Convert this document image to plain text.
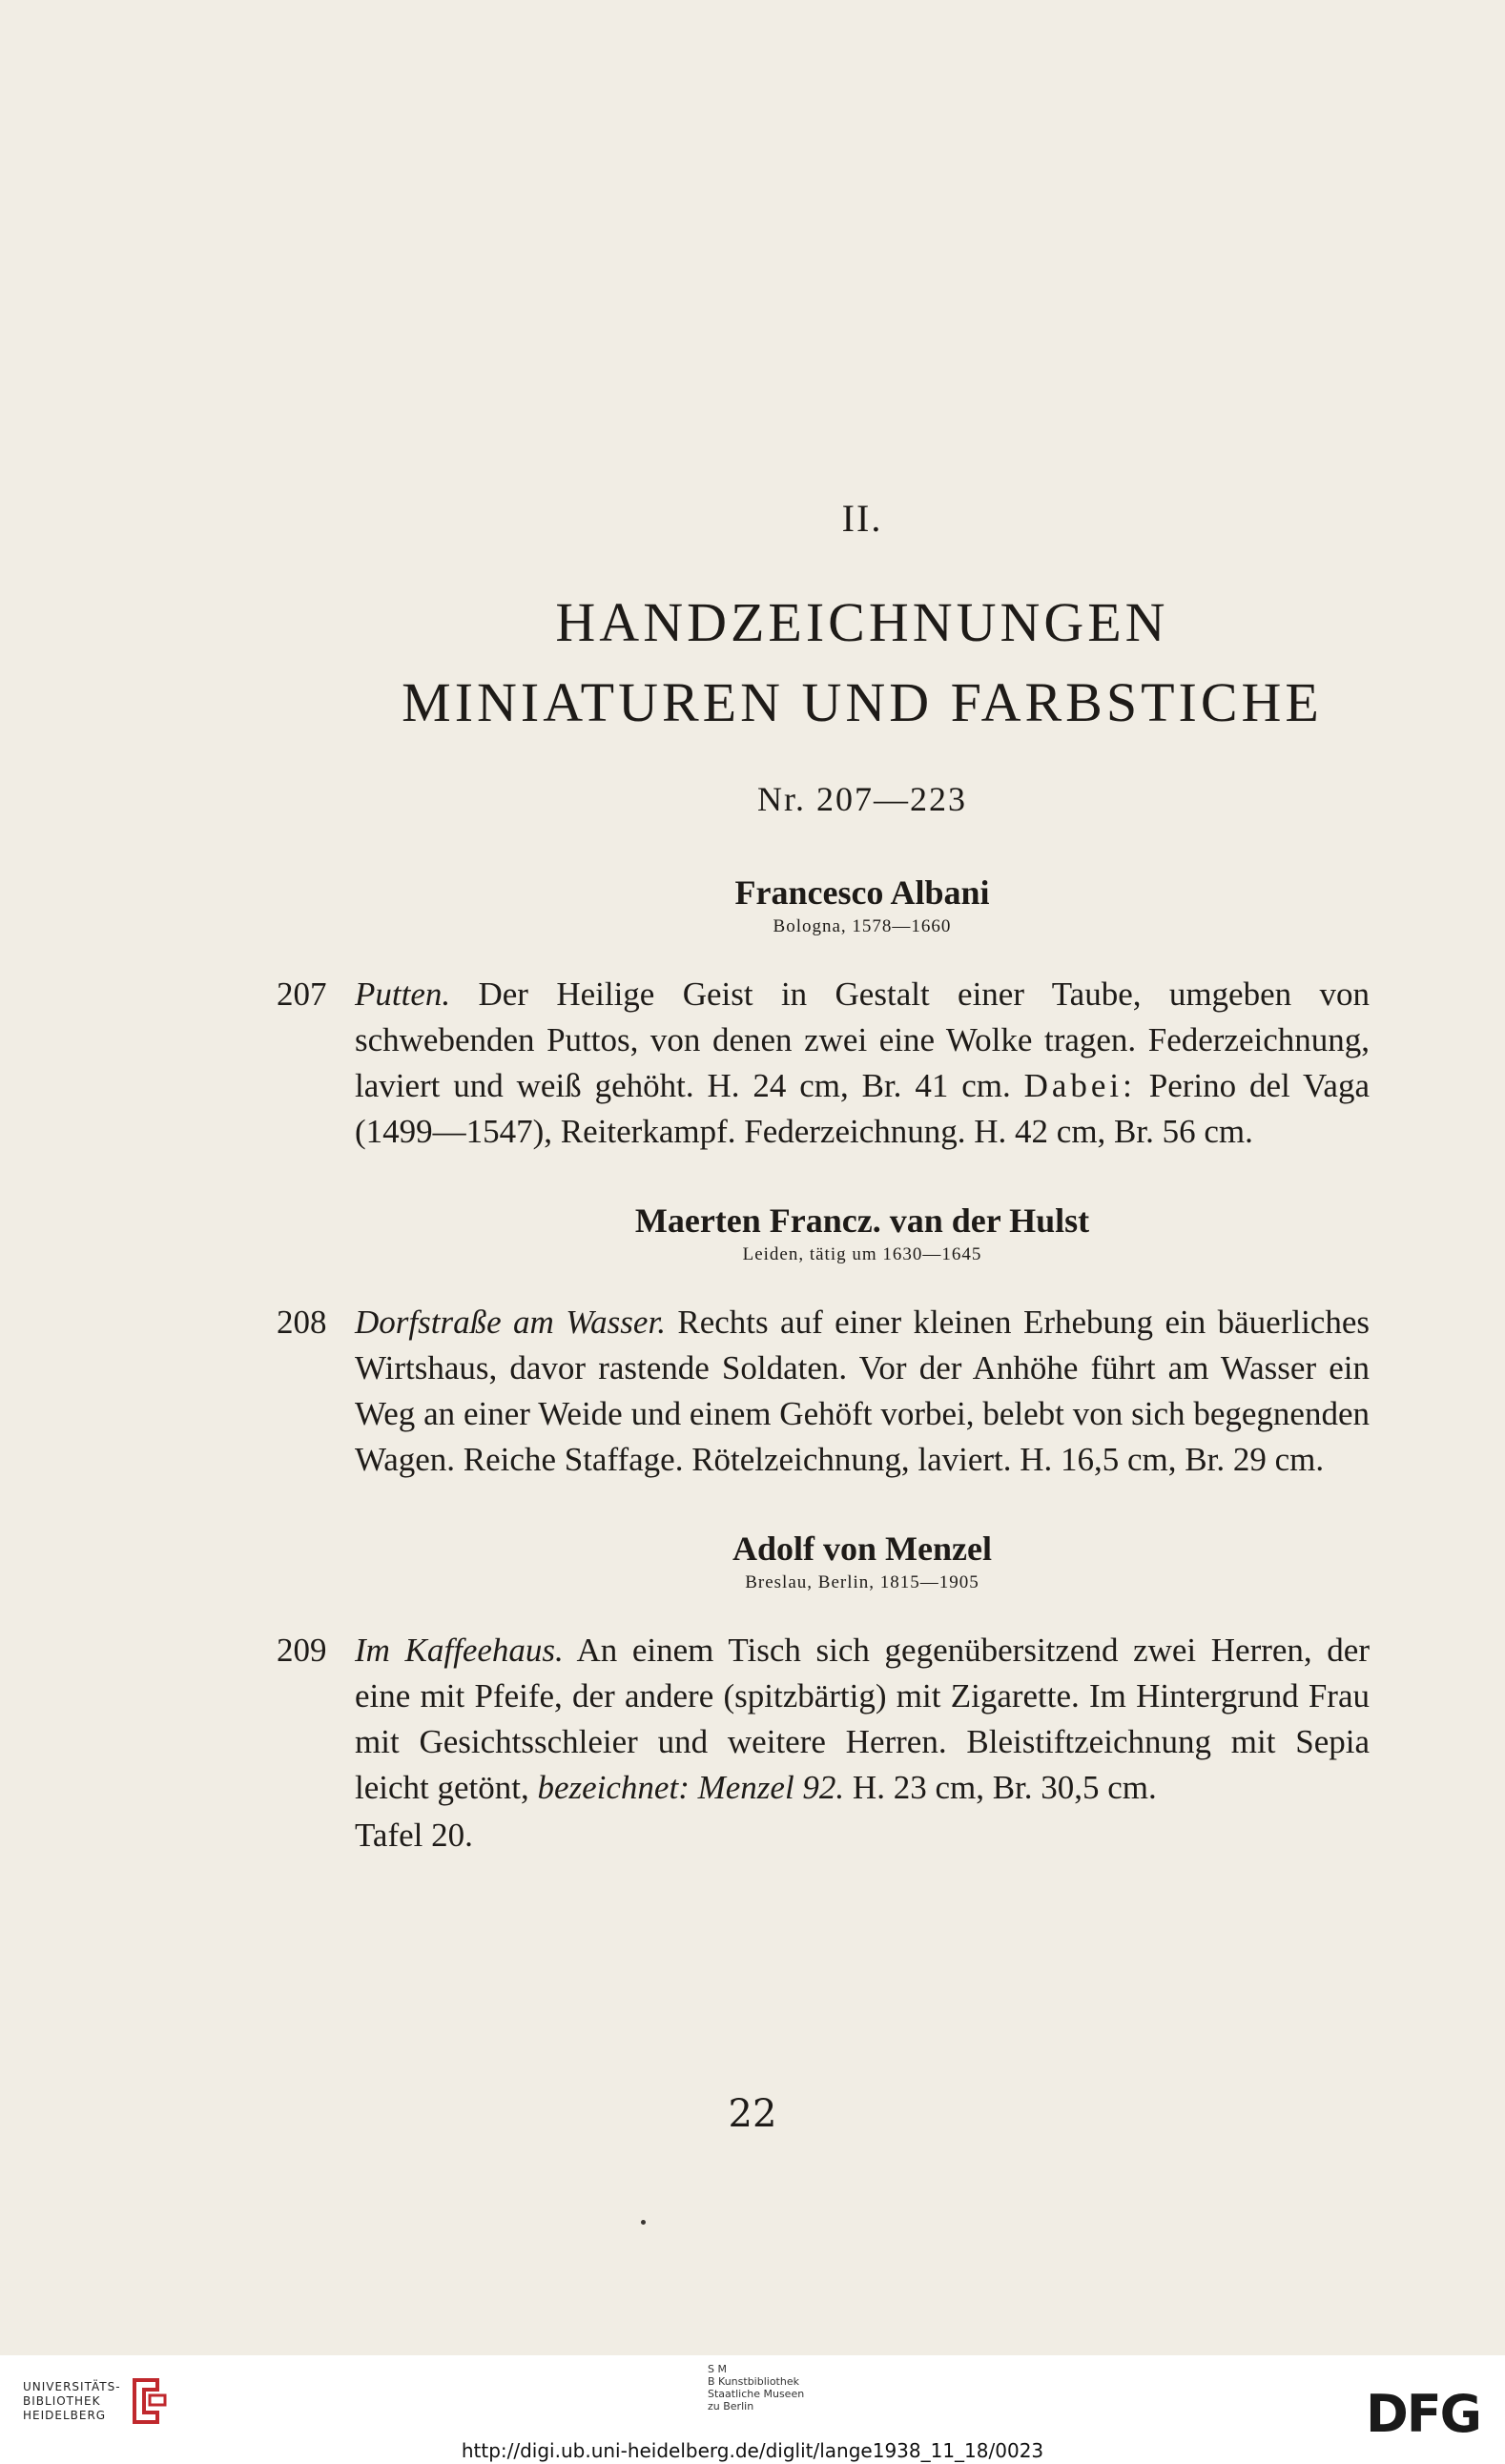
II.
HANDZEICHNUNGEN
MINIATUREN UND FARBSTICHE
Nr. 207—223
Francesco Albani
Bologna, 1578—1660
207 Putten. Der Heilige Geist in Gestalt einer Taube, umgeben von schwebenden Puttos, von denen zwei eine Wolke tragen. Federzeichnung, laviert und weiß gehöht. H. 24 cm, Br. 41 cm. Dabei: Perino del Vaga (1499—1547), Reiterkampf. Federzeichnung. H. 42 cm, Br. 56 cm.
Maerten Francz. van der Hulst
Leiden, tätig um 1630—1645
208 Dorfstraße am Wasser. Rechts auf einer kleinen Erhebung ein bäuerliches Wirtshaus, davor rastende Soldaten. Vor der Anhöhe führt am Wasser ein Weg an einer Weide und einem Gehöft vorbei, belebt von sich begegnenden Wagen. Reiche Staffage. Rötelzeichnung, laviert. H. 16,5 cm, Br. 29 cm.
Adolf von Menzel
Breslau, Berlin, 1815—1905
209 Im Kaffeehaus. An einem Tisch sich gegenübersitzend zwei Herren, der eine mit Pfeife, der andere (spitzbärtig) mit Zigarette. Im Hintergrund Frau mit Gesichtsschleier und weitere Herren. Bleistiftzeichnung mit Sepia leicht getönt, bezeichnet: Menzel 92. H. 23 cm, Br. 30,5 cm.
Tafel 20.
22
UNIVERSITÄTS-
BIBLIOTHEK
HEIDELBERG
S M
B Kunstbibliothek
Staatliche Museen
zu Berlin	DFG
http://digi.ub.uni-heidelberg.de/diglit/lange1938_11_18/0023
